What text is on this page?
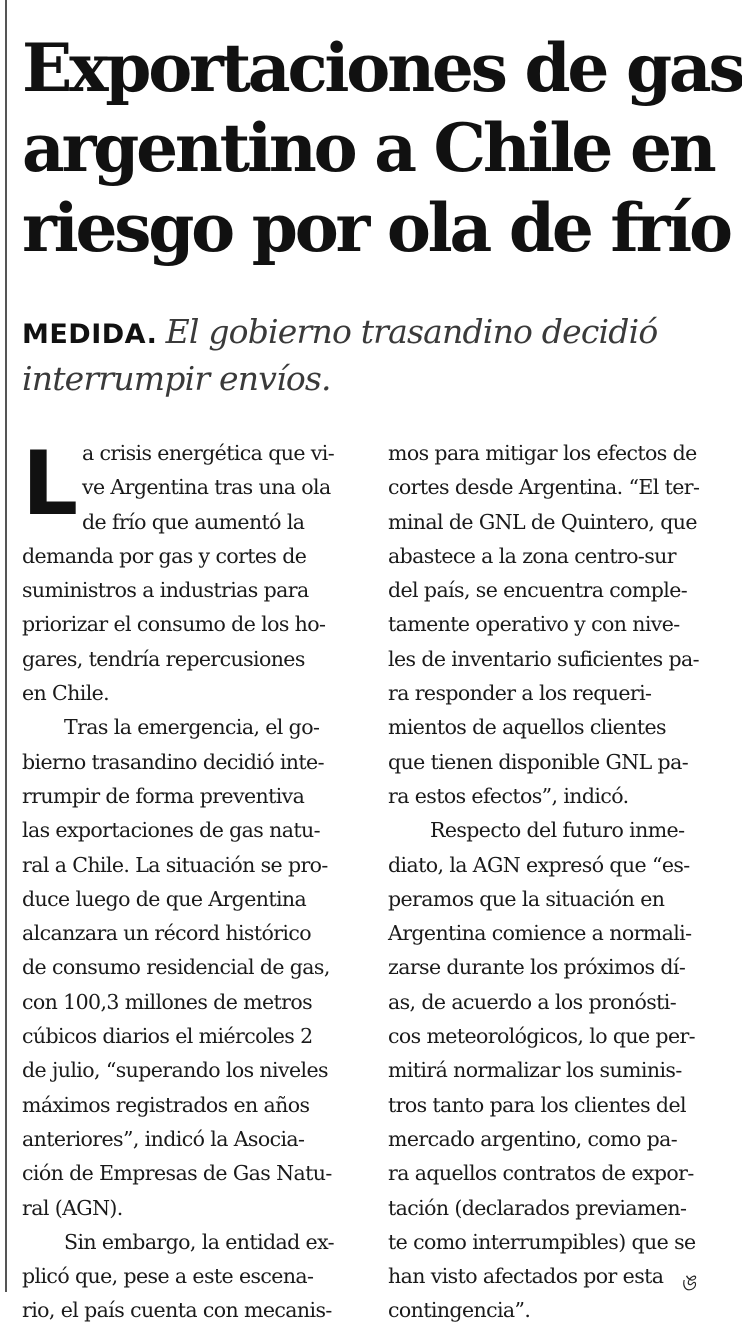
Exportaciones de gas
argentino a Chile en
riesgo por ola de frío

MEDIDA. El gobierno trasandino decidió
interrumpir envíos.

L a crisis energética que vi-
ve Argentina tras una ola
de frío que aumentó la
demanda por gas y cortes de
suministros a industrias para
priorizar el consumo de los ho-
gares, tendría repercusiones
en Chile.
Tras la emergencia, el go-
bierno trasandino decidió inte-
rrumpir de forma preventiva
las exportaciones de gas natu-
ral a Chile. La situación se pro-
duce luego de que Argentina
alcanzara un récord histórico
de consumo residencial de gas,
con 100,3 millones de metros
cúbicos diarios el miércoles 2
de julio, “superando los niveles
máximos registrados en años
anteriores”, indicó la Asocia-
ción de Empresas de Gas Natu-
ral (AGN).
Sin embargo, la entidad ex-
plicó que, pese a este escena-
rio, el país cuenta con mecanis-
mos para mitigar los efectos de
cortes desde Argentina. “El ter-
minal de GNL de Quintero, que
abastece a la zona centro-sur
del país, se encuentra comple-
tamente operativo y con nive-
les de inventario suficientes pa-
ra responder a los requeri-
mientos de aquellos clientes
que tienen disponible GNL pa-
ra estos efectos”, indicó.
Respecto del futuro inme-
diato, la AGN expresó que “es-
peramos que la situación en
Argentina comience a normali-
zarse durante los próximos dí-
as, de acuerdo a los pronósti-
cos meteorológicos, lo que per-
mitirá normalizar los suminis-
tros tanto para los clientes del
mercado argentino, como pa-
ra aquellos contratos de expor-
tación (declarados previamen-
te como interrumpibles) que se
han visto afectados por esta
contingencia”.
ঙ
